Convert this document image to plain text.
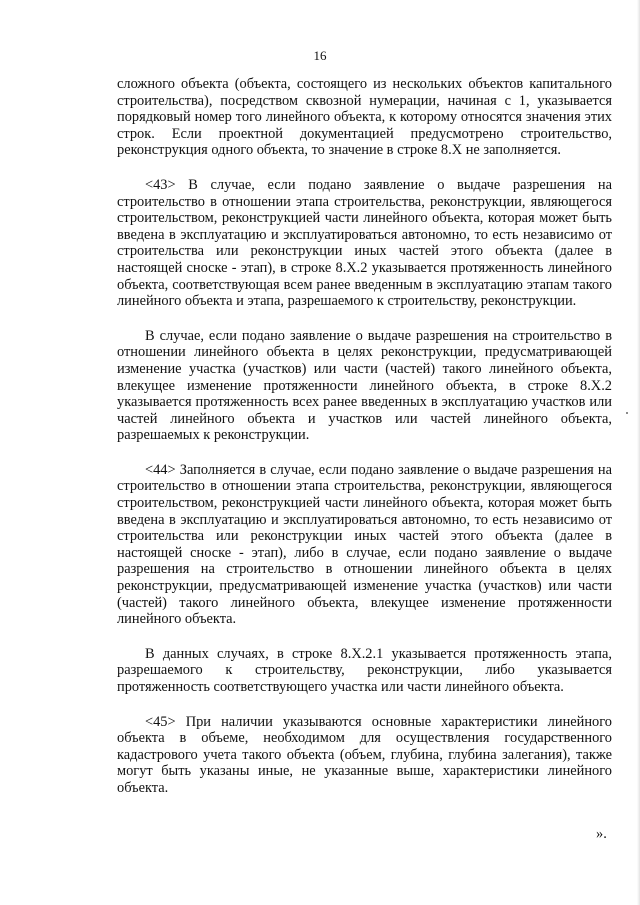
16

сложного объекта (объекта, состоящего из нескольких объектов капитального строительства), посредством сквозной нумерации, начиная с 1, указывается порядковый номер того линейного объекта, к которому относятся значения этих строк. Если проектной документацией предусмотрено строительство, реконструкция одного объекта, то значение в строке 8.X не заполняется.

<43> В случае, если подано заявление о выдаче разрешения на строительство в отношении этапа строительства, реконструкции, являющегося строительством, реконструкцией части линейного объекта, которая может быть введена в эксплуатацию и эксплуатироваться автономно, то есть независимо от строительства или реконструкции иных частей этого объекта (далее в настоящей сноске - этап), в строке 8.X.2 указывается протяженность линейного объекта, соответствующая всем ранее введенным в эксплуатацию этапам такого линейного объекта и этапа, разрешаемого к строительству, реконструкции.

В случае, если подано заявление о выдаче разрешения на строительство в отношении линейного объекта в целях реконструкции, предусматривающей изменение участка (участков) или части (частей) такого линейного объекта, влекущее изменение протяженности линейного объекта, в строке 8.X.2 указывается протяженность всех ранее введенных в эксплуатацию участков или частей линейного объекта и участков или частей линейного объекта, разрешаемых к реконструкции.

<44> Заполняется в случае, если подано заявление о выдаче разрешения на строительство в отношении этапа строительства, реконструкции, являющегося строительством, реконструкцией части линейного объекта, которая может быть введена в эксплуатацию и эксплуатироваться автономно, то есть независимо от строительства или реконструкции иных частей этого объекта (далее в настоящей сноске - этап), либо в случае, если подано заявление о выдаче разрешения на строительство в отношении линейного объекта в целях реконструкции, предусматривающей изменение участка (участков) или части (частей) такого линейного объекта, влекущее изменение протяженности линейного объекта.

В данных случаях, в строке 8.X.2.1 указывается протяженность этапа, разрешаемого к строительству, реконструкции, либо указывается протяженность соответствующего участка или части линейного объекта.

<45> При наличии указываются основные характеристики линейного объекта в объеме, необходимом для осуществления государственного кадастрового учета такого объекта (объем, глубина, глубина залегания), также могут быть указаны иные, не указанные выше, характеристики линейного объекта.

».
